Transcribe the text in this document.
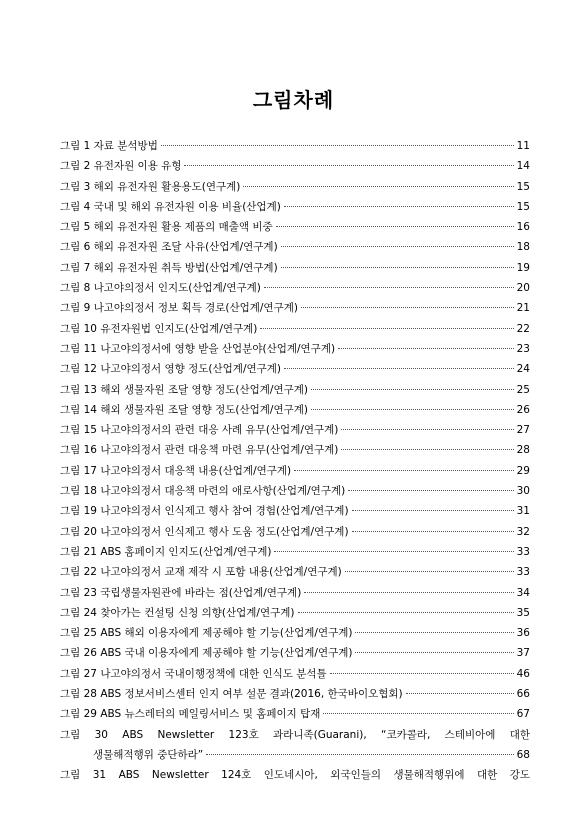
그림차례
그림 1 자료 분석방법	11
그림 2 유전자원 이용 유형	14
그림 3 해외 유전자원 활용용도(연구계)	15
그림 4 국내 및 해외 유전자원 이용 비율(산업계)	15
그림 5 해외 유전자원 활용 제품의 매출액 비중	16
그림 6 해외 유전자원 조달 사유(산업계/연구계)	18
그림 7 해외 유전자원 취득 방법(산업계/연구계)	19
그림 8 나고야의정서 인지도(산업계/연구계)	20
그림 9 나고야의정서 정보 획득 경로(산업계/연구계)	21
그림 10 유전자원법 인지도(산업계/연구계)	22
그림 11 나고야의정서에 영향 받을 산업분야(산업계/연구계)	23
그림 12 나고야의정서 영향 정도(산업계/연구계)	24
그림 13 해외 생물자원 조달 영향 정도(산업계/연구계)	25
그림 14 해외 생물자원 조달 영향 정도(산업계/연구계)	26
그림 15 나고야의정서의 관련 대응 사례 유무(산업계/연구계)	27
그림 16 나고야의정서 관련 대응책 마련 유무(산업계/연구계)	28
그림 17 나고야의정서 대응책 내용(산업계/연구계)	29
그림 18 나고야의정서 대응책 마련의 애로사항(산업계/연구계)	30
그림 19 나고야의정서 인식제고 행사 참여 경험(산업계/연구계)	31
그림 20 나고야의정서 인식제고 행사 도움 정도(산업계/연구계)	32
그림 21 ABS 홈페이지 인지도(산업계/연구계)	33
그림 22 나고야의정서 교재 제작 시 포함 내용(산업계/연구계)	33
그림 23 국립생물자원관에 바라는 점(산업계/연구계)	34
그림 24 찾아가는 컨설팅 신청 의향(산업계/연구계)	35
그림 25 ABS 해외 이용자에게 제공해야 할 기능(산업계/연구계)	36
그림 26 ABS 국내 이용자에게 제공해야 할 기능(산업계/연구계)	37
그림 27 나고야의정서 국내이행정책에 대한 인식도 분석틀	46
그림 28 ABS 정보서비스센터 인지 여부 설문 결과(2016, 한국바이오협회)	66
그림 29 ABS 뉴스레터의 메일링서비스 및 홈페이지 탑재	67
그림 30 ABS Newsletter 123호 과라니족(Guarani), “코카콜라, 스테비아에 대한
생물해적행위 중단하라”	68
그림 31 ABS Newsletter 124호 인도네시아, 외국인들의 생물해적행위에 대한 강도
